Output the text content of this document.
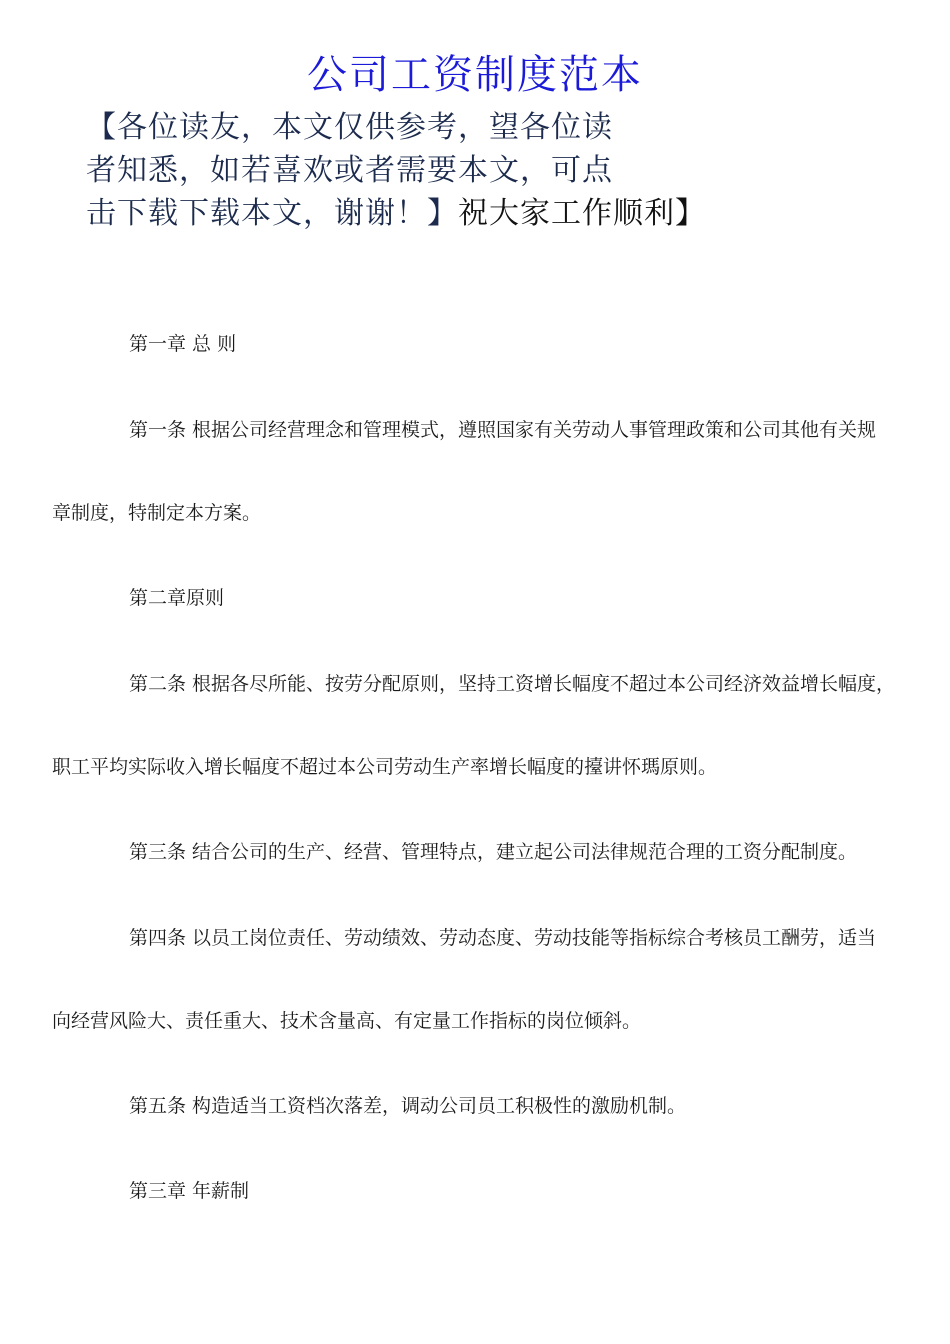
公司工资制度范本
【各位读友，本文仅供参考，望各位读
者知悉，如若喜欢或者需要本文，可点
击下载下载本文，谢谢！】祝大家工作顺利】
第一章 总 则
第一条 根据公司经营理念和管理模式，遵照国家有关劳动人事管理政策和公司其他有关规
章制度，特制定本方案。
第二章原则
第二条 根据各尽所能、按劳分配原则，坚持工资增长幅度不超过本公司经济效益增长幅度，
职工平均实际收入增长幅度不超过本公司劳动生产率增长幅度的擡讲怀瑪原则。
第三条 结合公司的生产、经营、管理特点，建立起公司法律规范合理的工资分配制度。
第四条 以员工岗位责任、劳动绩效、劳动态度、劳动技能等指标综合考核员工酬劳，适当
向经营风险大、责任重大、技术含量高、有定量工作指标的岗位倾斜。
第五条 构造适当工资档次落差，调动公司员工积极性的激励机制。
第三章 年薪制
